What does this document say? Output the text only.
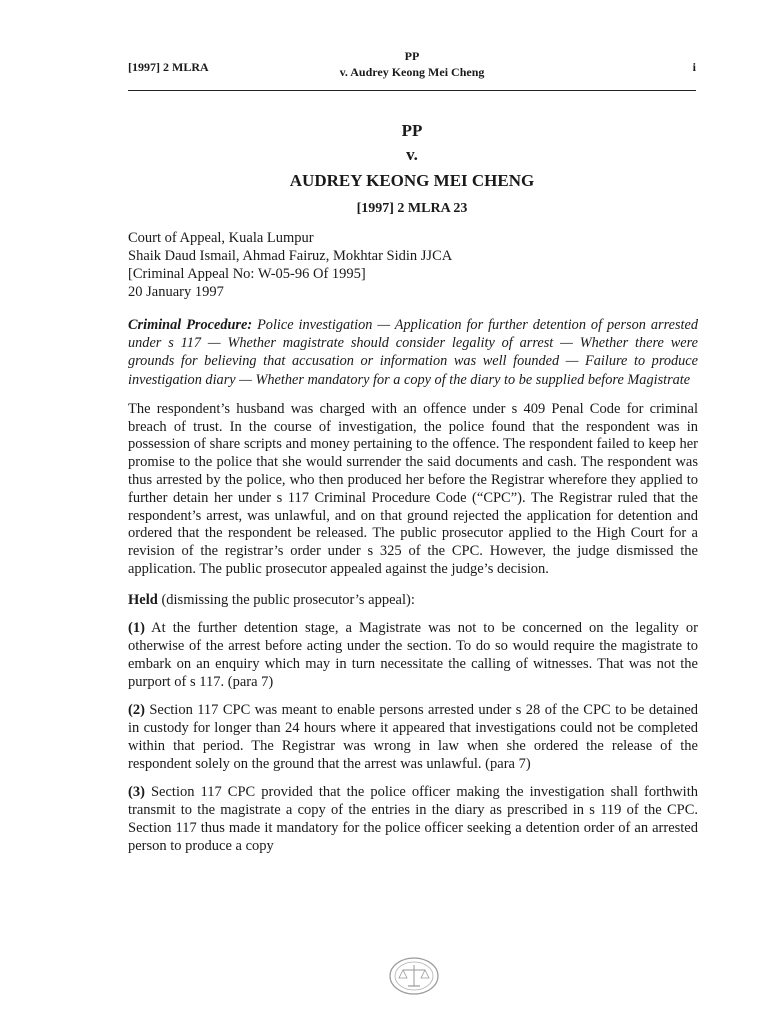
[1997] 2 MLRA
PP
v. Audrey Keong Mei Cheng	i
PP
v.
AUDREY KEONG MEI CHENG
[1997] 2 MLRA 23
Court of Appeal, Kuala Lumpur
Shaik Daud Ismail, Ahmad Fairuz, Mokhtar Sidin JJCA
[Criminal Appeal No: W-05-96 Of 1995]
20 January 1997

Criminal Procedure: Police investigation — Application for further detention of person arrested under s 117 — Whether magistrate should consider legality of arrest — Whether there were grounds for believing that accusation or information was well founded — Failure to produce investigation diary — Whether mandatory for a copy of the diary to be supplied before Magistrate

The respondent’s husband was charged with an offence under s 409 Penal Code for criminal breach of trust. In the course of investigation, the police found that the respondent was in possession of share scripts and money pertaining to the offence. The respondent failed to keep her promise to the police that she would surrender the said documents and cash. The respondent was thus arrested by the police, who then produced her before the Registrar wherefore they applied to further detain her under s 117 Criminal Procedure Code (“CPC”). The Registrar ruled that the respondent’s arrest, was unlawful, and on that ground rejected the application for detention and ordered that the respondent be released. The public prosecutor applied to the High Court for a revision of the registrar’s order under s 325 of the CPC. However, the judge dismissed the application. The public prosecutor appealed against the judge’s decision.

Held (dismissing the public prosecutor’s appeal):

(1) At the further detention stage, a Magistrate was not to be concerned on the legality or otherwise of the arrest before acting under the section. To do so would require the magistrate to embark on an enquiry which may in turn necessitate the calling of witnesses. That was not the purport of s 117. (para 7)

(2) Section 117 CPC was meant to enable persons arrested under s 28 of the CPC to be detained in custody for longer than 24 hours where it appeared that investigations could not be completed within that period. The Registrar was wrong in law when she ordered the release of the respondent solely on the ground that the arrest was unlawful. (para 7)

(3) Section 117 CPC provided that the police officer making the investigation shall forthwith transmit to the magistrate a copy of the entries in the diary as prescribed in s 119 of the CPC. Section 117 thus made it mandatory for the police officer seeking a detention order of an arrested person to produce a copy
